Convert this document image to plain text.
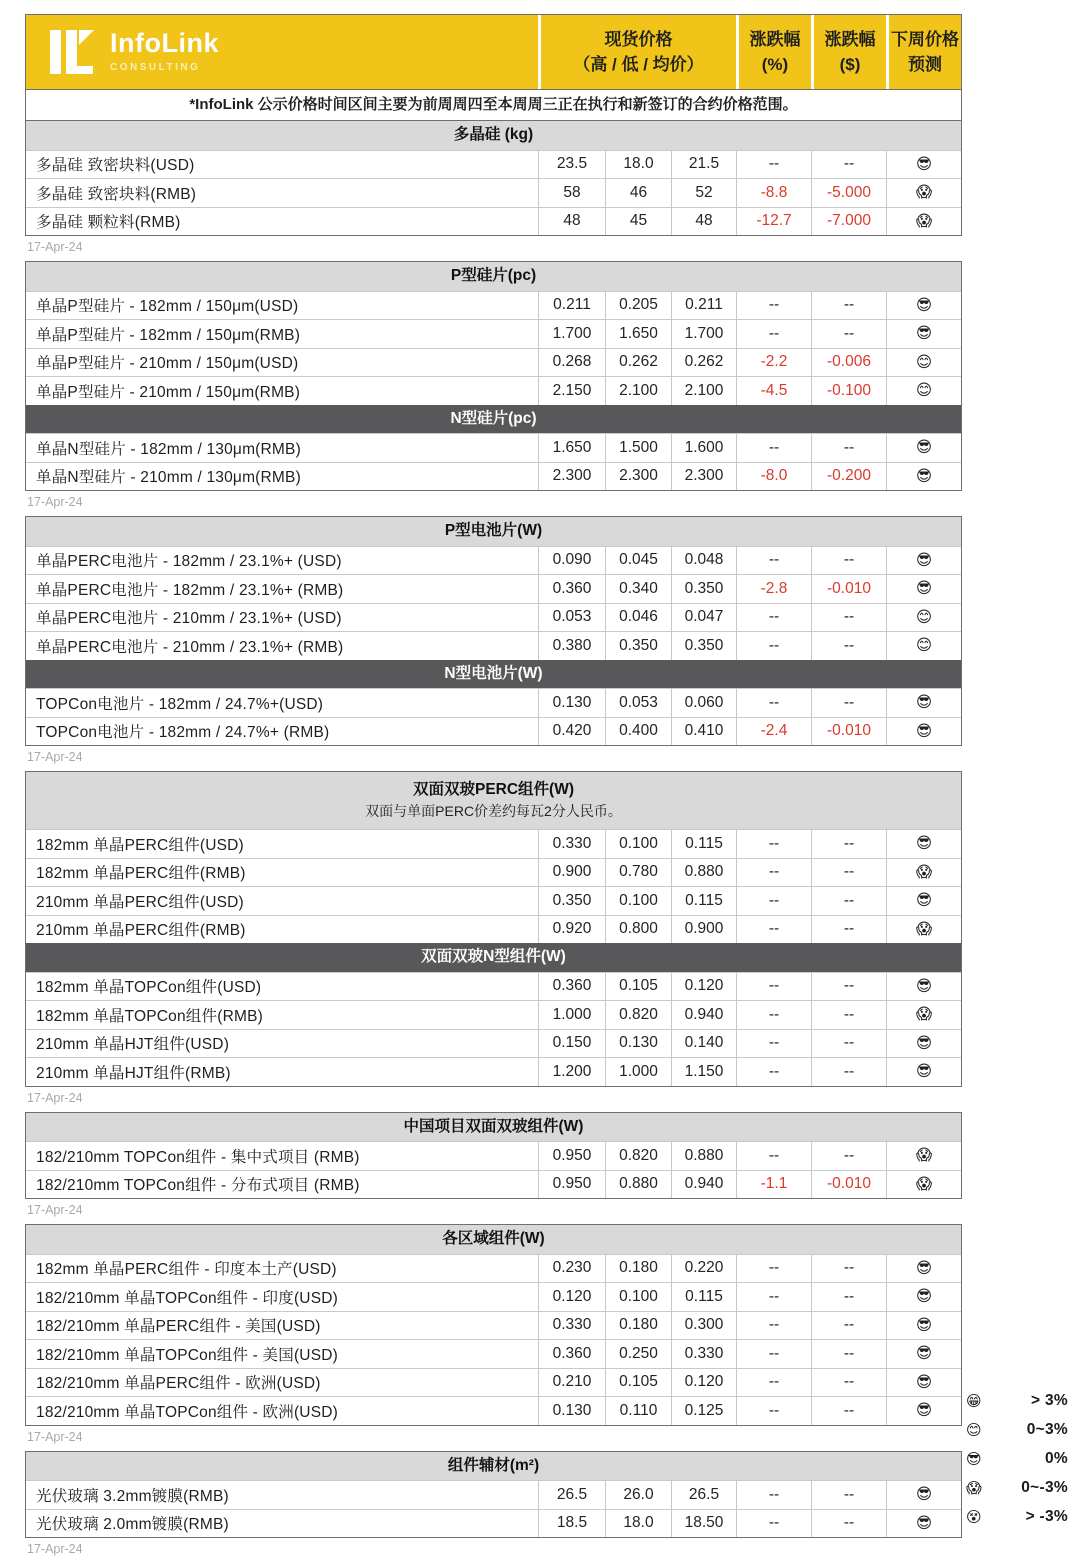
InfoLink
CONSULTING
现货价格
（高 / 低 / 均价）
涨跌幅
(%)
涨跌幅
($)
下周价格
预测
*InfoLink 公示价格时间区间主要为前周周四至本周周三正在执行和新签订的合约价格范围。
多晶硅 (kg)
多晶硅 致密块料(USD)	23.5	18.0	21.5	--	--	😎
多晶硅 致密块料(RMB)	58	46	52	-8.8	-5.000	😱
多晶硅 颗粒料(RMB)	48	45	48	-12.7	-7.000	😱
17-Apr-24
P型硅片(pc)
单晶P型硅片 - 182mm / 150μm(USD)	0.211	0.205	0.211	--	--	😎
单晶P型硅片 - 182mm / 150μm(RMB)	1.700	1.650	1.700	--	--	😎
单晶P型硅片 - 210mm / 150μm(USD)	0.268	0.262	0.262	-2.2	-0.006	😊
单晶P型硅片 - 210mm / 150μm(RMB)	2.150	2.100	2.100	-4.5	-0.100	😊
N型硅片(pc)
单晶N型硅片 - 182mm / 130μm(RMB)	1.650	1.500	1.600	--	--	😎
单晶N型硅片 - 210mm / 130μm(RMB)	2.300	2.300	2.300	-8.0	-0.200	😎
17-Apr-24
P型电池片(W)
单晶PERC电池片 - 182mm / 23.1%+ (USD)	0.090	0.045	0.048	--	--	😎
单晶PERC电池片 - 182mm / 23.1%+ (RMB)	0.360	0.340	0.350	-2.8	-0.010	😎
单晶PERC电池片 - 210mm / 23.1%+ (USD)	0.053	0.046	0.047	--	--	😊
单晶PERC电池片 - 210mm / 23.1%+ (RMB)	0.380	0.350	0.350	--	--	😊
N型电池片(W)
TOPCon电池片 - 182mm / 24.7%+(USD)	0.130	0.053	0.060	--	--	😎
TOPCon电池片 - 182mm / 24.7%+ (RMB)	0.420	0.400	0.410	-2.4	-0.010	😎
17-Apr-24
双面双玻PERC组件(W)
双面与单面PERC价差约每瓦2分人民币。
182mm 单晶PERC组件(USD)	0.330	0.100	0.115	--	--	😎
182mm 单晶PERC组件(RMB)	0.900	0.780	0.880	--	--	😱
210mm 单晶PERC组件(USD)	0.350	0.100	0.115	--	--	😎
210mm 单晶PERC组件(RMB)	0.920	0.800	0.900	--	--	😱
双面双玻N型组件(W)
182mm 单晶TOPCon组件(USD)	0.360	0.105	0.120	--	--	😎
182mm 单晶TOPCon组件(RMB)	1.000	0.820	0.940	--	--	😱
210mm 单晶HJT组件(USD)	0.150	0.130	0.140	--	--	😎
210mm 单晶HJT组件(RMB)	1.200	1.000	1.150	--	--	😎
17-Apr-24
中国项目双面双玻组件(W)
182/210mm TOPCon组件 - 集中式项目 (RMB)	0.950	0.820	0.880	--	--	😱
182/210mm TOPCon组件 - 分布式项目 (RMB)	0.950	0.880	0.940	-1.1	-0.010	😱
17-Apr-24
各区域组件(W)
182mm 单晶PERC组件 - 印度本土产(USD)	0.230	0.180	0.220	--	--	😎
182/210mm 单晶TOPCon组件 - 印度(USD)	0.120	0.100	0.115	--	--	😎
182/210mm 单晶PERC组件 - 美国(USD)	0.330	0.180	0.300	--	--	😎
182/210mm 单晶TOPCon组件 - 美国(USD)	0.360	0.250	0.330	--	--	😎
182/210mm 单晶PERC组件 - 欧洲(USD)	0.210	0.105	0.120	--	--	😎
182/210mm 单晶TOPCon组件 - 欧洲(USD)	0.130	0.110	0.125	--	--	😎
17-Apr-24
组件辅材(m²)
光伏玻璃 3.2mm镀膜(RMB)	26.5	26.0	26.5	--	--	😎
光伏玻璃 2.0mm镀膜(RMB)	18.5	18.0	18.50	--	--	😎
17-Apr-24
😁	> 3%
😊	0~3%
😎	0%
😱	0~-3%
😵	> -3%
